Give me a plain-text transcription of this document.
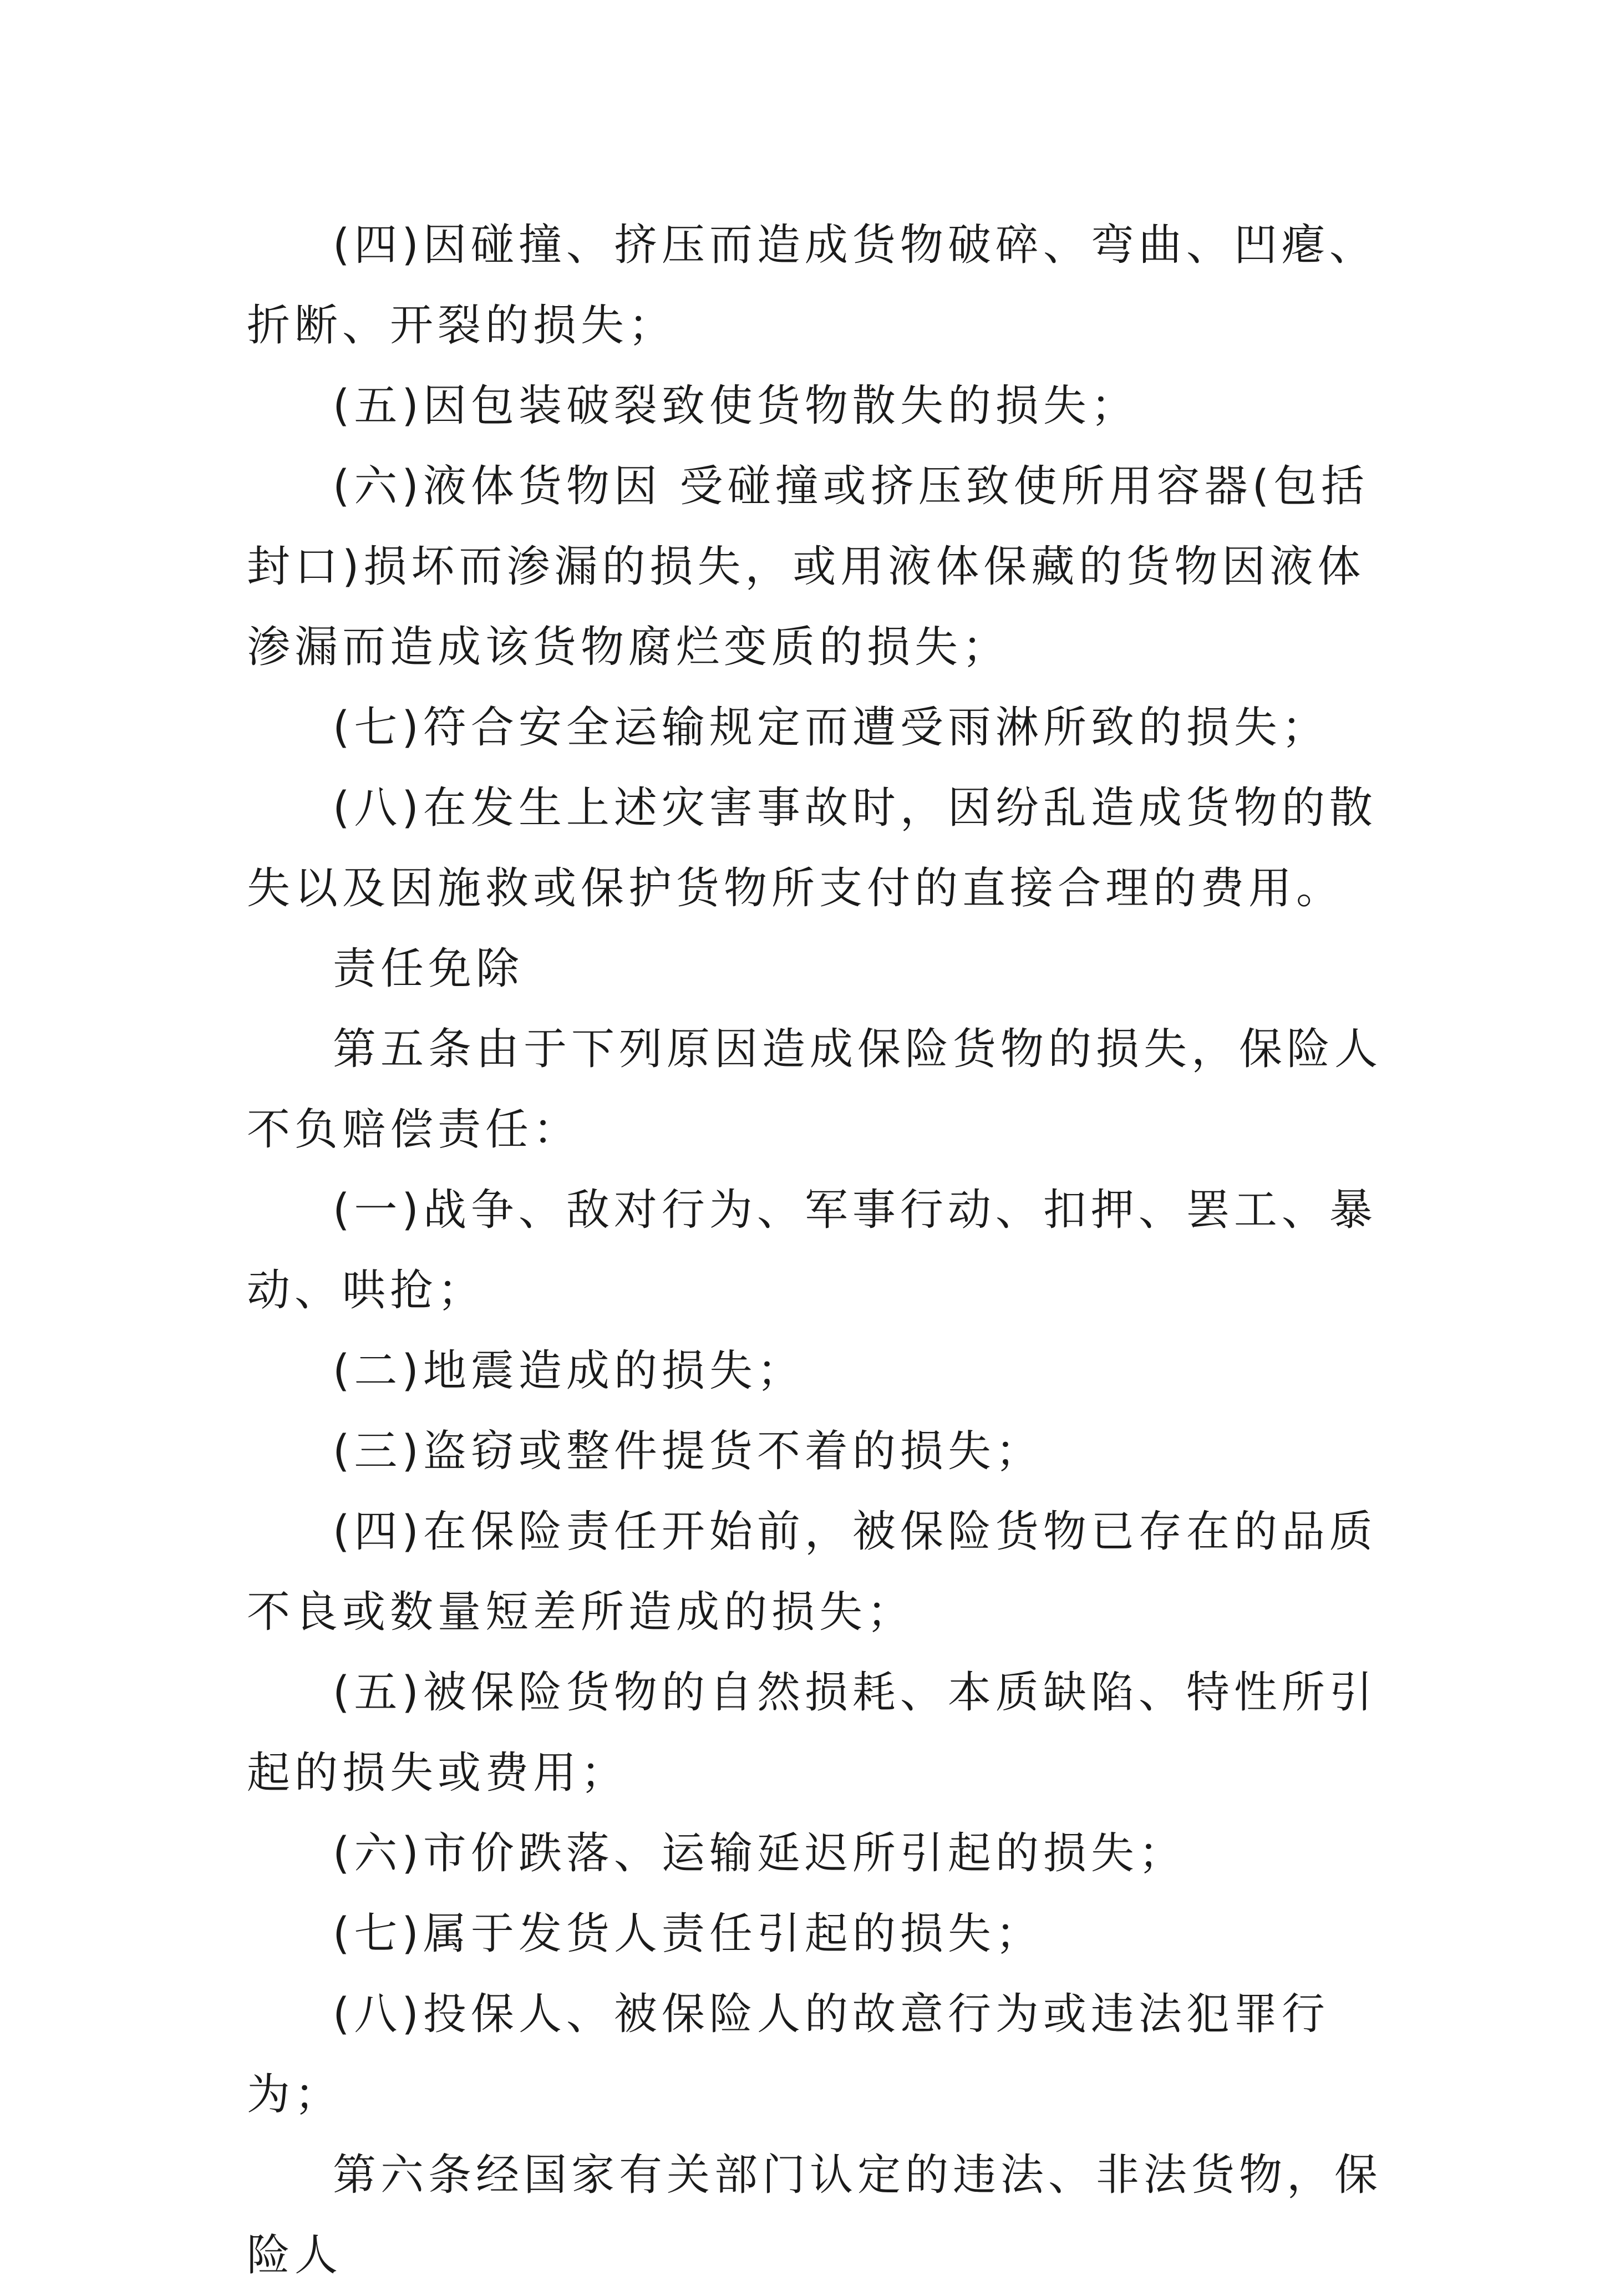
(四)因碰撞、挤压而造成货物破碎、弯曲、凹瘪、折断、开裂的损失；

(五)因包装破裂致使货物散失的损失；

(六)液体货物因 受碰撞或挤压致使所用容器(包括封口)损坏而渗漏的损失，或用液体保藏的货物因液体渗漏而造成该货物腐烂变质的损失；

(七)符合安全运输规定而遭受雨淋所致的损失；

(八)在发生上述灾害事故时，因纷乱造成货物的散失以及因施救或保护货物所支付的直接合理的费用。

责任免除

第五条由于下列原因造成保险货物的损失，保险人不负赔偿责任：

(一)战争、敌对行为、军事行动、扣押、罢工、暴动、哄抢；

(二)地震造成的损失；

(三)盗窃或整件提货不着的损失；

(四)在保险责任开始前，被保险货物已存在的品质不良或数量短差所造成的损失；

(五)被保险货物的自然损耗、本质缺陷、特性所引起的损失或费用；

(六)市价跌落、运输延迟所引起的损失；

(七)属于发货人责任引起的损失；

(八)投保人、被保险人的故意行为或违法犯罪行为；

第六条经国家有关部门认定的违法、非法货物，保险人
